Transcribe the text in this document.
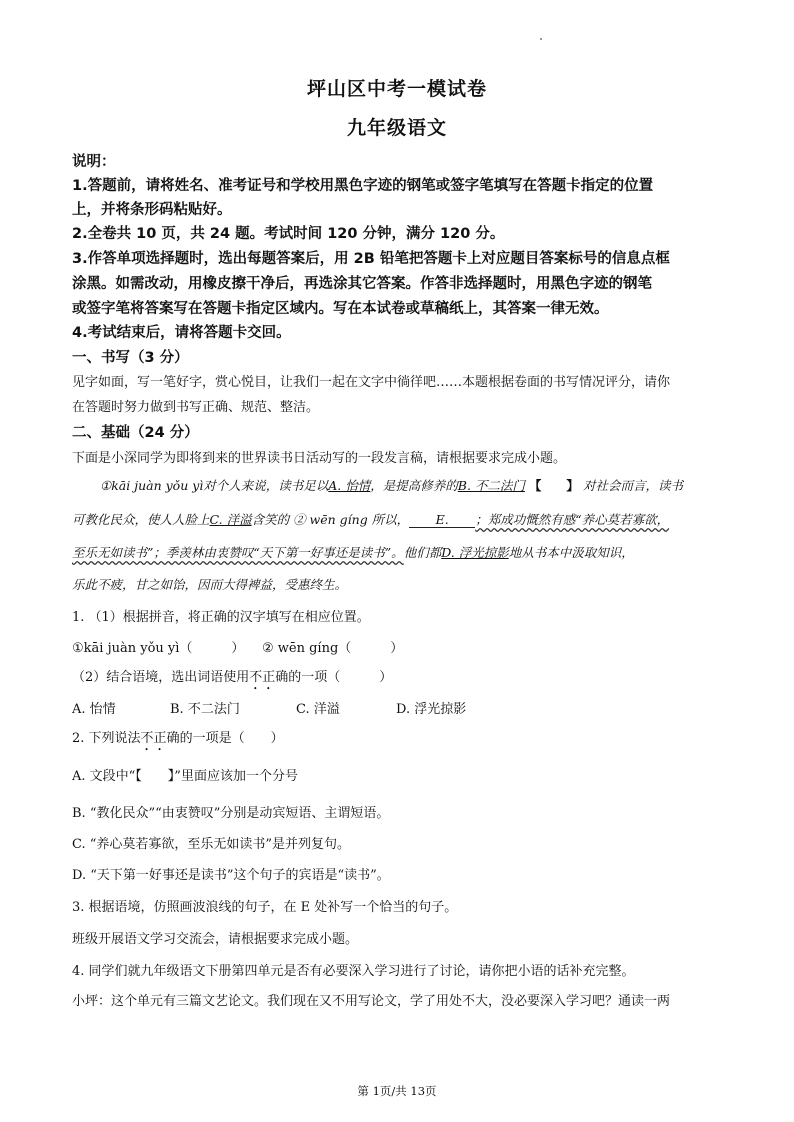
坪山区中考一模试卷
九年级语文
说明：
1.答题前，请将姓名、准考证号和学校用黑色字迹的钢笔或签字笔填写在答题卡指定的位置
上，并将条形码粘贴好。
2.全卷共 10 页，共 24 题。考试时间 120 分钟，满分 120 分。
3.作答单项选择题时，选出每题答案后，用 2B 铅笔把答题卡上对应题目答案标号的信息点框
涂黑。如需改动，用橡皮擦干净后，再选涂其它答案。作答非选择题时，用黑色字迹的钢笔
或签字笔将答案写在答题卡指定区域内。写在本试卷或草稿纸上，其答案一律无效。
4.考试结束后，请将答题卡交回。
一、书写（3 分）
见字如面，写一笔好字，赏心悦目，让我们一起在文字中徜徉吧……本题根据卷面的书写情况评分，请你
在答题时努力做到书写正确、规范、整洁。
二、基础（24 分）
下面是小深同学为即将到来的世界读书日活动写的一段发言稿，请根据要求完成小题。
①kāi juàn yǒu yì对个人来说，读书足以A. 怡情，是提高修养的B. 不二法门 【　　】 对社会而言，读书
可教化民众，使人人脸上C. 洋溢含笑的 ② wēn gíng 所以， E. ；郑成功慨然有感“养心莫若寡欲，
至乐无如读书”；季羡林由衷赞叹“天下第一好事还是读书”。他们都D. 浮光掠影地从书本中汲取知识，
乐此不疲，甘之如饴，因而大得裨益，受惠终生。
1. （1）根据拼音，将正确的汉字填写在相应位置。
①kāi juàn yǒu yì（　　　） ② wēn gíng（　　　）
（2）结合语境，选出词语使用不正确的一项（　　　）
A. 怡情	B. 不二法门	C. 洋溢	D. 浮光掠影
2. 下列说法不正确的一项是（　　）
A. 文段中“【　　】”里面应该加一个分号
B. “教化民众”“由衷赞叹”分别是动宾短语、主谓短语。
C. “养心莫若寡欲，至乐无如读书”是并列复句。
D. “天下第一好事还是读书”这个句子的宾语是“读书”。
3. 根据语境，仿照画波浪线的句子，在 E 处补写一个恰当的句子。
班级开展语文学习交流会，请根据要求完成小题。
4. 同学们就九年级语文下册第四单元是否有必要深入学习进行了讨论，请你把小语的话补充完整。
小坪：这个单元有三篇文艺论文。我们现在又不用写论文，学了用处不大，没必要深入学习吧？通读一两
第 1页/共 13页
